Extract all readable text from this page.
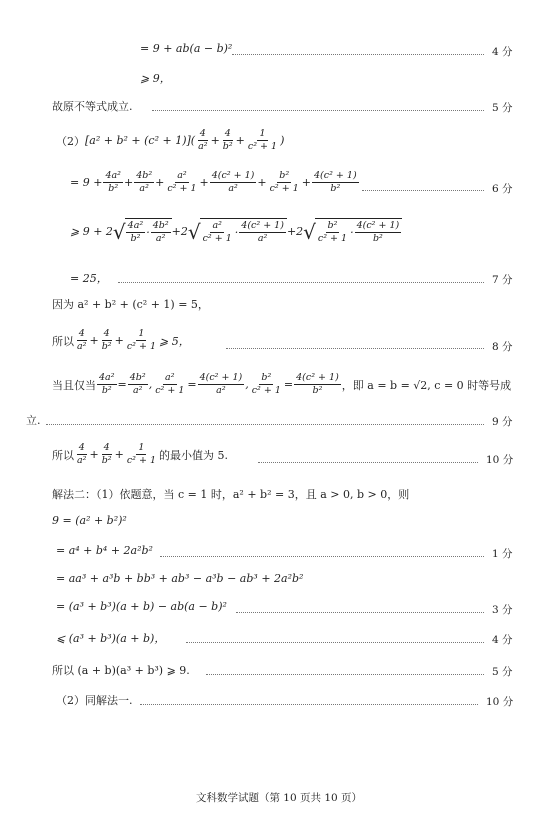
= 9 + ab(a − b)²	4 分
⩾ 9，
故原不等式成立.	5 分
（2） $[a^2 + b^2 + (c^2 + 1)]( \frac{4}{\text{a²}} + \frac{4}{\text{b²}} + \frac{1}{\text{c² + 1}}$ )
= $9 + \frac{\text{4a²}}{\text{b²}} + \frac{\text{4b²}}{\text{a²}} + \frac{\text{a²}}{\text{c² + 1}} + \frac{\text{4(c² + 1)}}{\text{a²}} + \frac{\text{b²}}{\text{c² + 1}} + \frac{\text{4(c² + 1)}}{\text{b²}}$	6 分
⩾ 9 + 2 √ $\frac{\text{4a²}}{\text{b²}} \cdot \frac{\text{4b²}}{\text{a²}} + 2$ √ $\frac{\text{a²}}{\text{c² + 1}} \cdot \frac{\text{4(c² + 1)}}{\text{a²}} + 2$ √ $\frac{\text{b²}}{\text{c² + 1}} \cdot \frac{\text{4(c² + 1)}}{\text{b²}}$
= 25，	7 分
因为 a² + b² + (c² + 1) = 5，
所以 $\frac{4}{\text{a²}} + \frac{4}{\text{b²}} + \frac{1}{\text{c² + 1}}$ ⩾ 5，	8 分
当且仅当 $\frac{\text{4a²}}{\text{b²}} = \frac{\text{4b²}}{\text{a²}}$ , $\frac{\text{a²}}{\text{c² + 1}} = \frac{\text{4(c² + 1)}}{\text{a²}}$ , $\frac{\text{b²}}{\text{c² + 1}} = \frac{\text{4(c² + 1)}}{\text{b²}}$ ，即 a = b = √2, c = 0 时等号成
立.	9 分
所以 $\frac{4}{\text{a²}} + \frac{4}{\text{b²}} + \frac{1}{\text{c² + 1}}$ 的最小值为 5.	10 分
解法二：（1）依题意，当 c = 1 时，a² + b² = 3，且 a > 0, b > 0，则
9 = (a² + b²)²
= a⁴ + b⁴ + 2a²b²	1 分
= aa³ + a³b + bb³ + ab³ − a³b − ab³ + 2a²b²
= (a³ + b³)(a + b) − ab(a − b)²	3 分
⩽ (a³ + b³)(a + b)，	4 分
所以 (a + b)(a³ + b³) ⩾ 9.	5 分
（2）同解法一.	10 分
文科数学试题（第 10 页共 10 页）
